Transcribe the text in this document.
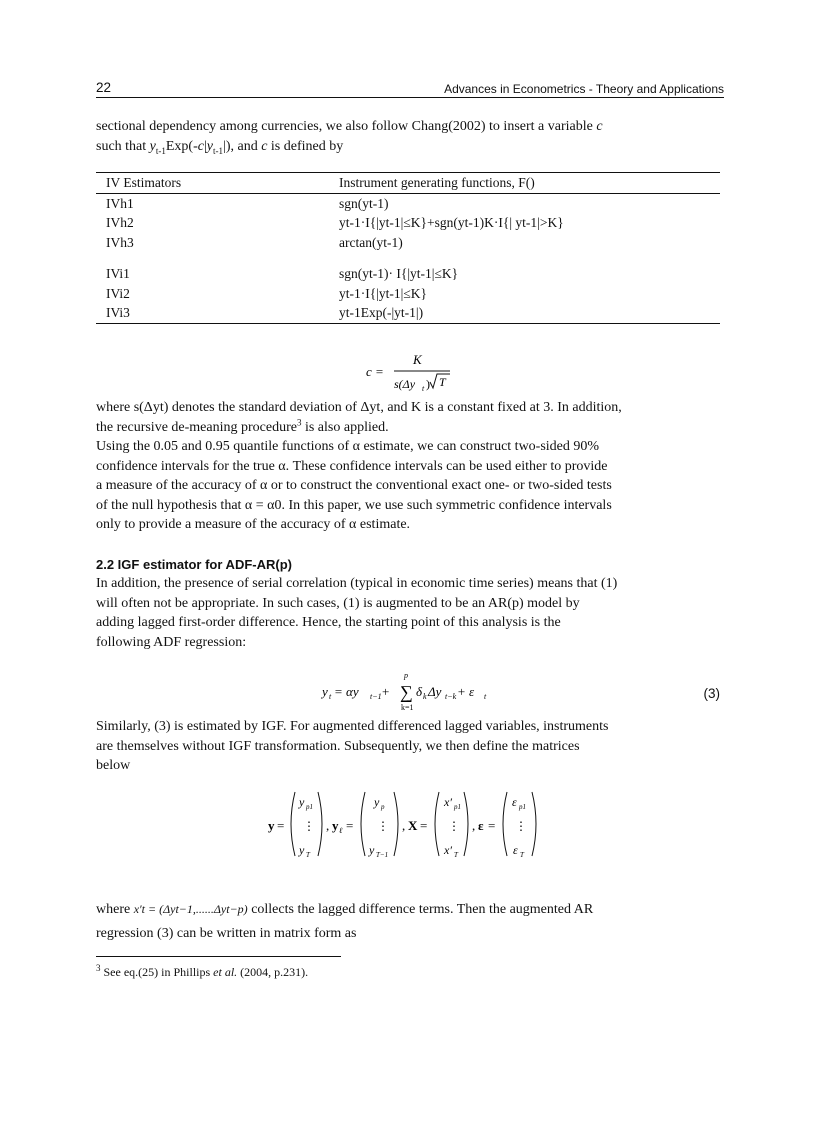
22	Advances in Econometrics - Theory and Applications
sectional dependency among currencies, we also follow Chang(2002) to insert a variable c
such that $y_{t-1}Exp(-c|y_{t-1}|)$, and c is defined by
IV Estimators	Instrument generating functions, F()
IVh1	sgn(yt-1)
IVh2	yt-1·I{|yt-1|≤K}+sgn(yt-1)K·I{| yt-1|>K}
IVh3	arctan(yt-1)
IVi1	sgn(yt-1)· I{|yt-1|≤K}
IVi2	yt-1·I{|yt-1|≤K}
IVi3	yt-1Exp(-|yt-1|)
c =
K
s(Δy t ) T
where s(Δyt) denotes the standard deviation of Δyt, and K is a constant fixed at 3. In addition,
the recursive de-meaning procedure$^3$ is also applied.
Using the 0.05 and 0.95 quantile functions of α estimate, we can construct two-sided 90%
confidence intervals for the true α. These confidence intervals can be used either to provide
a measure of the accuracy of α or to construct the conventional exact one- or two-sided tests
of the null hypothesis that α = α0. In this paper, we use such symmetric confidence intervals
only to provide a measure of the accuracy of α estimate.
2.2 IGF estimator for ADF-AR(p)
In addition, the presence of serial correlation (typical in economic time series) means that (1)
will often not be appropriate. In such cases, (1) is augmented to be an AR(p) model by
adding lagged first-order difference. Hence, the starting point of this analysis is the
following ADF regression:
y t = αy t−1 + ∑
p
k=1
δ k Δy t−k + ε t	(3)
Similarly, (3) is estimated by IGF. For augmented differenced lagged variables, instruments
are themselves without IGF transformation. Subsequently, we then define the matrices
below
y =
y p1
⋮
y T
, y ℓ =
y p
⋮
y T−1
, X =
x′ p1
⋮
x′ T
, ε =
ε p1
⋮
ε T
where x′t = (Δyt−1,......Δyt−p) collects the lagged difference terms. Then the augmented AR
regression (3) can be written in matrix form as
$^3$ See eq.(25) in Phillips et al. (2004, p.231).
